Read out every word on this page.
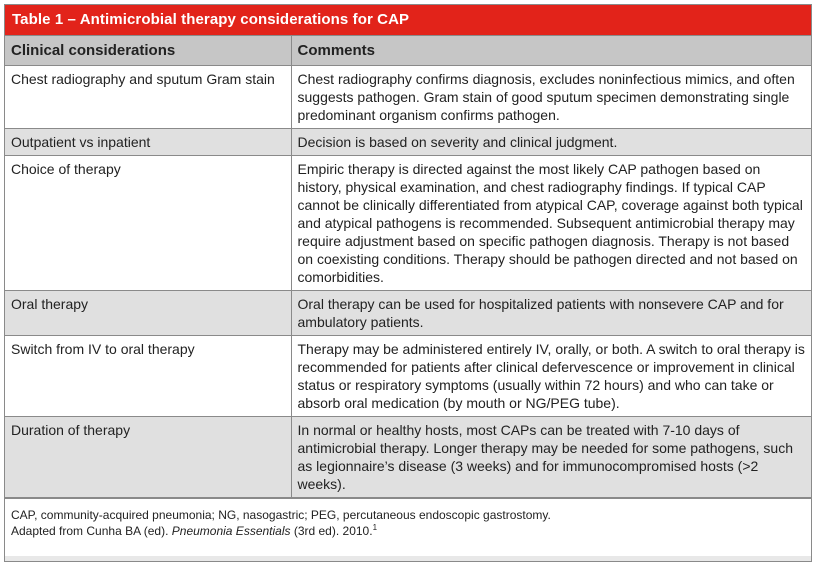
Table 1 – Antimicrobial therapy considerations for CAP
Clinical considerations	Comments
Chest radiography and sputum Gram stain	Chest radiography confirms diagnosis, excludes noninfectious mimics, and often suggests pathogen. Gram stain of good sputum specimen demonstrating single predominant organism confirms pathogen.
Outpatient vs inpatient	Decision is based on severity and clinical judgment.
Choice of therapy	Empiric therapy is directed against the most likely CAP pathogen based on history, physical examination, and chest radiography findings. If typical CAP cannot be clinically differentiated from atypical CAP, coverage against both typical and atypical pathogens is recommended. Subsequent antimicrobial therapy may require adjustment based on specific pathogen diagnosis. Therapy is not based on coexisting conditions. Therapy should be pathogen directed and not based on comorbidities.
Oral therapy	Oral therapy can be used for hospitalized patients with nonsevere CAP and for ambulatory patients.
Switch from IV to oral therapy	Therapy may be administered entirely IV, orally, or both. A switch to oral therapy is recommended for patients after clinical defervescence or improvement in clinical status or respiratory symptoms (usually within 72 hours) and who can take or absorb oral medication (by mouth or NG/PEG tube).
Duration of therapy	In normal or healthy hosts, most CAPs can be treated with 7-10 days of antimicrobial therapy. Longer therapy may be needed for some pathogens, such as legionnaire’s disease (3 weeks) and for immunocompromised hosts (>2 weeks).
CAP, community-acquired pneumonia; NG, nasogastric; PEG, percutaneous endoscopic gastrostomy.
Adapted from Cunha BA (ed). Pneumonia Essentials (3rd ed). 2010.$^1$
